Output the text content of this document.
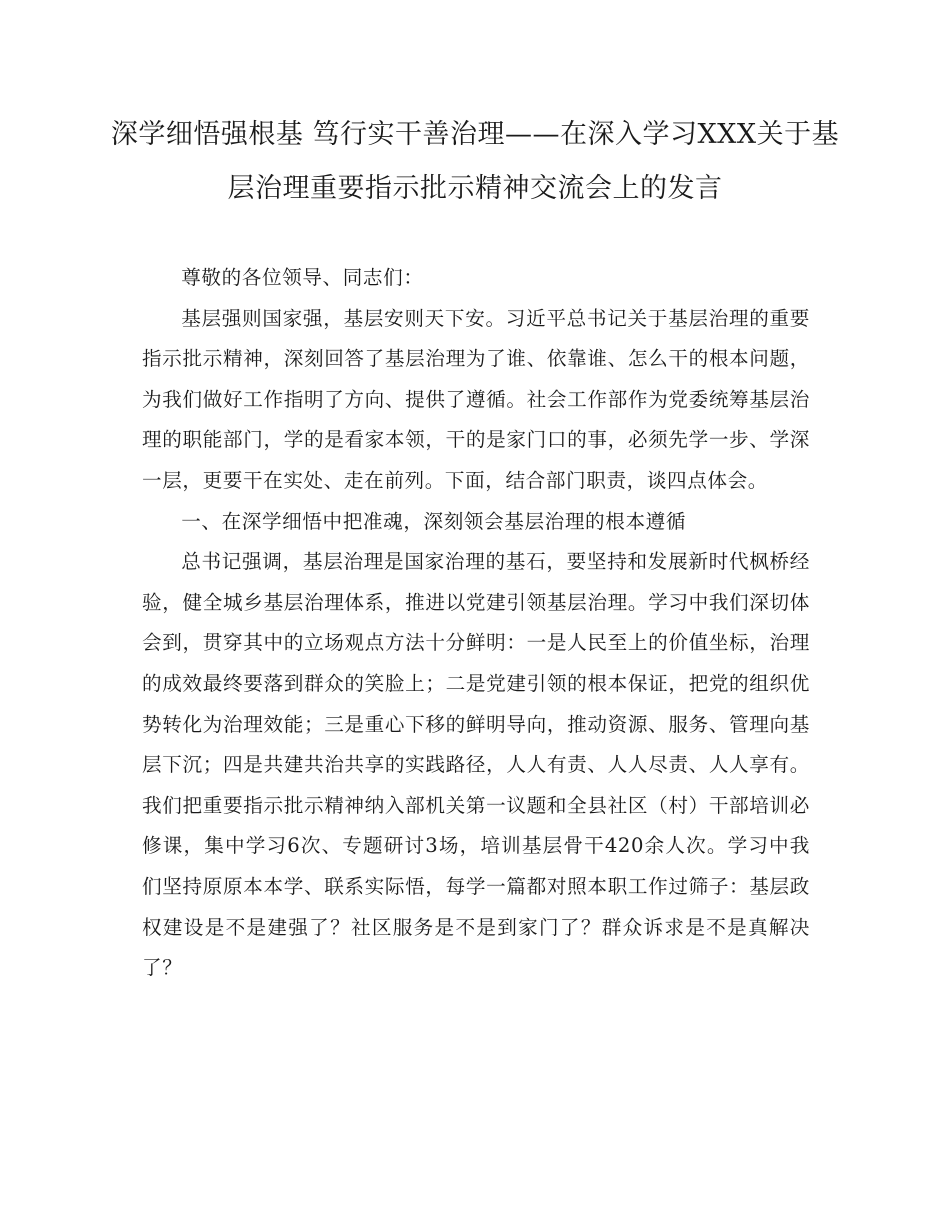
深学细悟强根基 笃行实干善治理——在深入学习XXX关于基层治理重要指示批示精神交流会上的发言

尊敬的各位领导、同志们：

基层强则国家强，基层安则天下安。习近平总书记关于基层治理的重要指示批示精神，深刻回答了基层治理为了谁、依靠谁、怎么干的根本问题，为我们做好工作指明了方向、提供了遵循。社会工作部作为党委统筹基层治理的职能部门，学的是看家本领，干的是家门口的事，必须先学一步、学深一层，更要干在实处、走在前列。下面，结合部门职责，谈四点体会。

一、在深学细悟中把准魂，深刻领会基层治理的根本遵循

总书记强调，基层治理是国家治理的基石，要坚持和发展新时代枫桥经验，健全城乡基层治理体系，推进以党建引领基层治理。学习中我们深切体会到，贯穿其中的立场观点方法十分鲜明：一是人民至上的价值坐标，治理的成效最终要落到群众的笑脸上；二是党建引领的根本保证，把党的组织优势转化为治理效能；三是重心下移的鲜明导向，推动资源、服务、管理向基层下沉；四是共建共治共享的实践路径，人人有责、人人尽责、人人享有。我们把重要指示批示精神纳入部机关第一议题和全县社区（村）干部培训必修课，集中学习6次、专题研讨3场，培训基层骨干420余人次。学习中我们坚持原原本本学、联系实际悟，每学一篇都对照本职工作过筛子：基层政权建设是不是建强了？社区服务是不是到家门了？群众诉求是不是真解决了？
